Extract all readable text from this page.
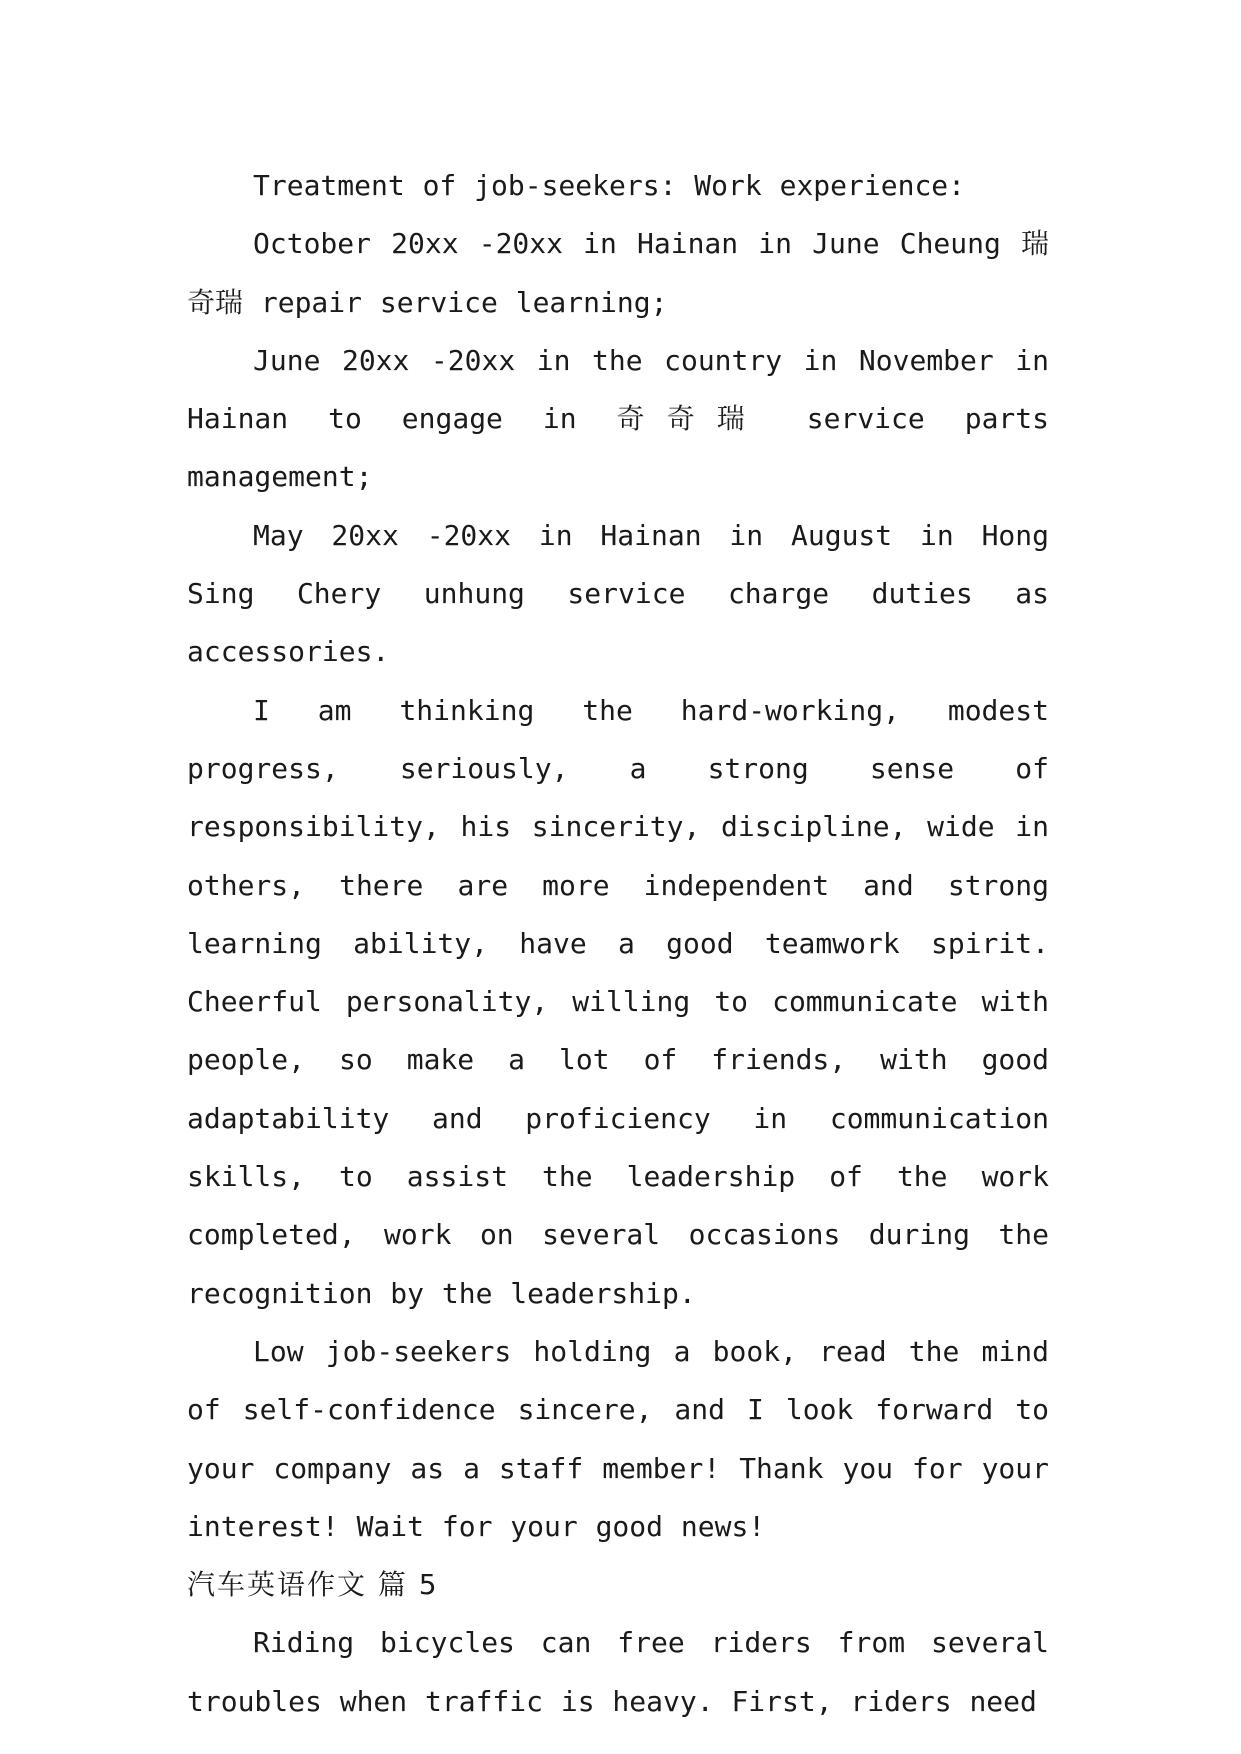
Treatment of job-seekers: Work experience:

October 20xx -20xx in Hainan in June Cheung 瑞奇瑞 repair service learning;

June 20xx -20xx in the country in November in Hainan to engage in 奇奇瑞 service parts management;

May 20xx -20xx in Hainan in August in Hong Sing Chery unhung service charge duties as accessories.

I am thinking the hard-working, modest progress, seriously, a strong sense of responsibility, his sincerity, discipline, wide in others, there are more independent and strong learning ability, have a good teamwork spirit. Cheerful personality, willing to communicate with people, so make a lot of friends, with good adaptability and proficiency in communication skills, to assist the leadership of the work completed, work on several occasions during the recognition by the leadership.

Low job-seekers holding a book, read the mind of self-confidence sincere, and I look forward to your company as a staff member! Thank you for your interest! Wait for your good news!

汽车英语作文 篇 5

Riding bicycles can free riders from several troubles when traffic is heavy. First, riders need
